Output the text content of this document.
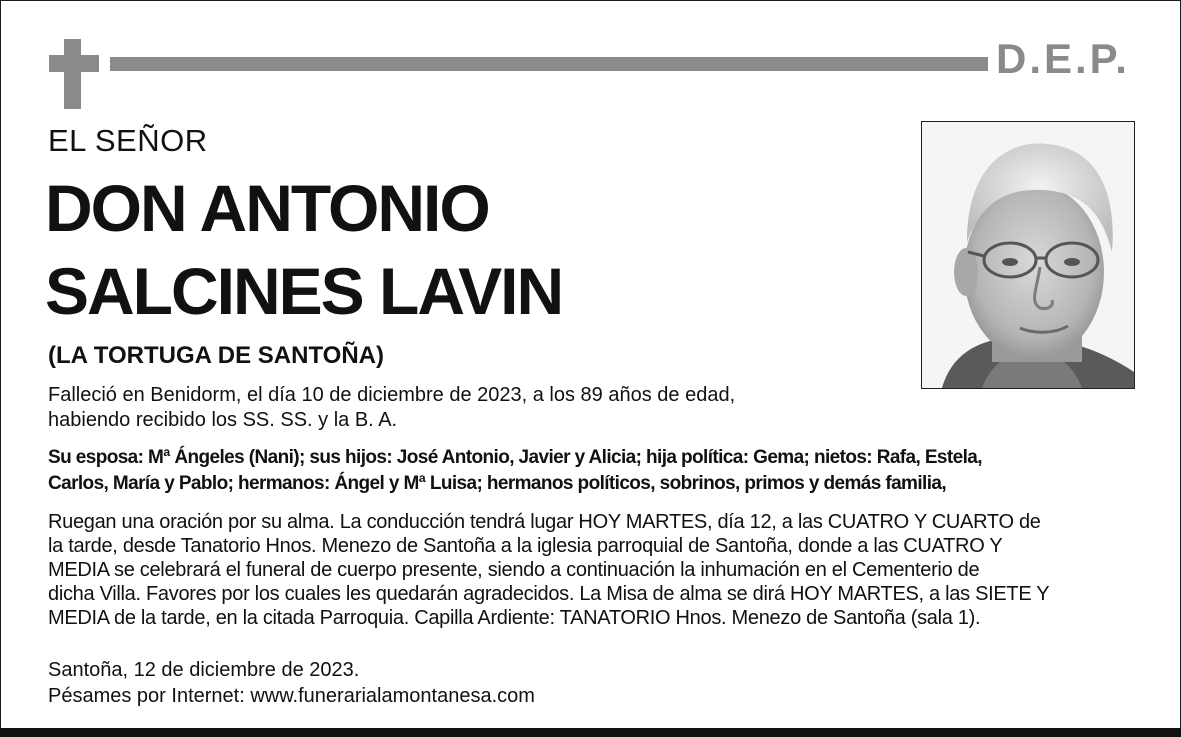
D.E.P.
EL SEÑOR
DON ANTONIO
SALCINES LAVIN
(LA TORTUGA DE SANTOÑA)
Falleció en Benidorm, el día 10 de diciembre de 2023, a los 89 años de edad,
habiendo recibido los SS. SS. y la B. A.
Su esposa: Mª Ángeles (Nani); sus hijos: José Antonio, Javier y Alicia; hija política: Gema; nietos: Rafa, Estela,
Carlos, María y Pablo; hermanos: Ángel y Mª Luisa; hermanos políticos, sobrinos, primos y demás familia,
Ruegan una oración por su alma. La conducción tendrá lugar HOY MARTES, día 12, a las CUATRO Y CUARTO de
la tarde, desde Tanatorio Hnos. Menezo de Santoña a la iglesia parroquial de Santoña, donde a las CUATRO Y
MEDIA se celebrará el funeral de cuerpo presente, siendo a continuación la inhumación en el Cementerio de
dicha Villa. Favores por los cuales les quedarán agradecidos. La Misa de alma se dirá HOY MARTES, a las SIETE Y
MEDIA de la tarde, en la citada Parroquia. Capilla Ardiente: TANATORIO Hnos. Menezo de Santoña (sala 1).
Santoña, 12 de diciembre de 2023.
Pésames por Internet: www.funerarialamontanesa.com
